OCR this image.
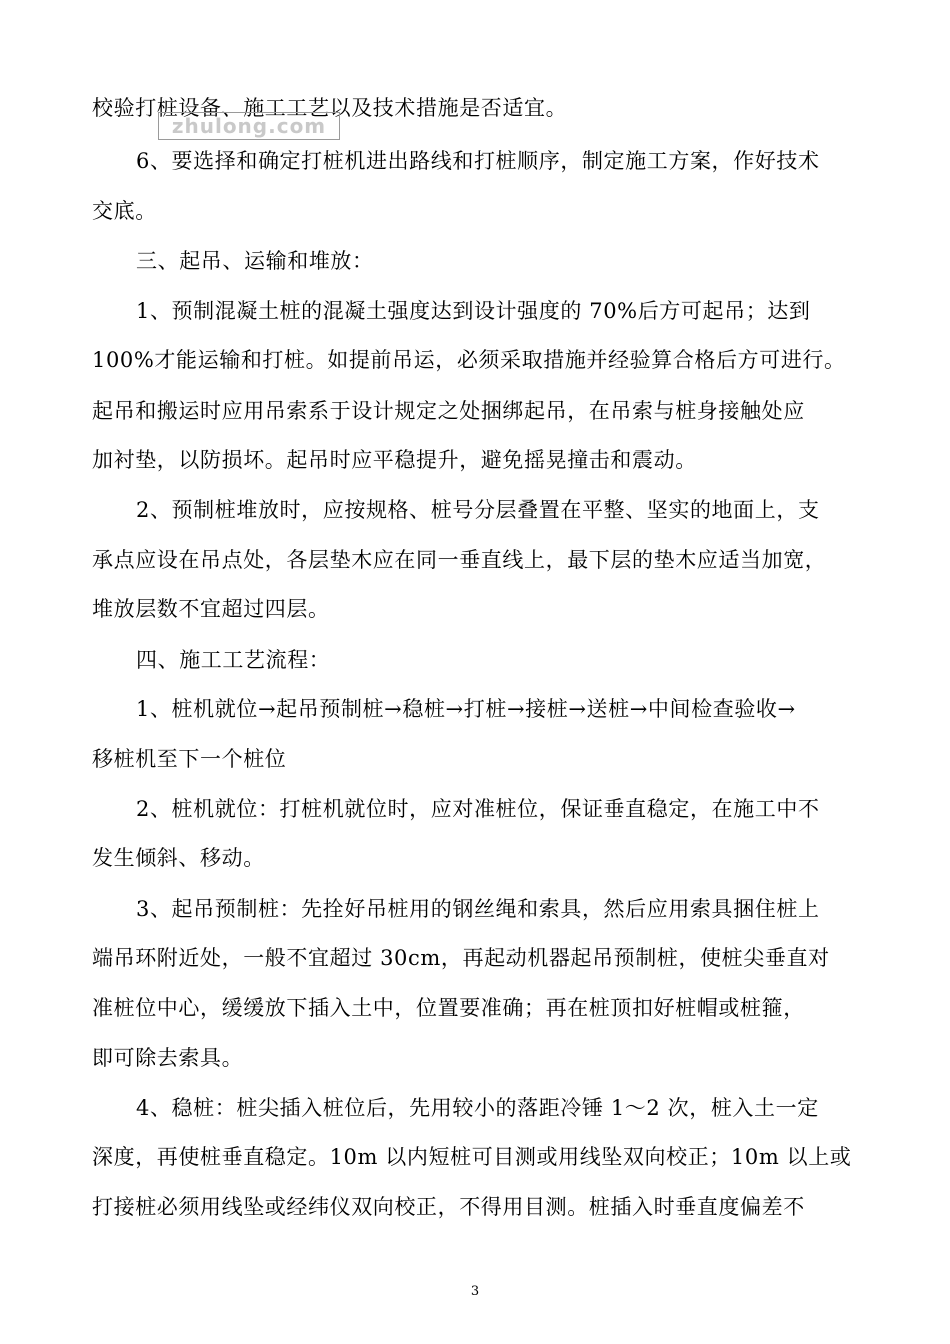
校验打桩设备、施工工艺以及技术措施是否适宜。
zhulong.com
6、要选择和确定打桩机进出路线和打桩顺序，制定施工方案，作好技术
交底。
三、起吊、运输和堆放：
1、预制混凝土桩的混凝土强度达到设计强度的 70%后方可起吊；达到
100%才能运输和打桩。如提前吊运，必须采取措施并经验算合格后方可进行。
起吊和搬运时应用吊索系于设计规定之处捆绑起吊，在吊索与桩身接触处应
加衬垫，以防损坏。起吊时应平稳提升，避免摇晃撞击和震动。
2、预制桩堆放时，应按规格、桩号分层叠置在平整、坚实的地面上，支
承点应设在吊点处，各层垫木应在同一垂直线上，最下层的垫木应适当加宽，
堆放层数不宜超过四层。
四、施工工艺流程：
1、桩机就位→起吊预制桩→稳桩→打桩→接桩→送桩→中间检查验收→
移桩机至下一个桩位
2、桩机就位：打桩机就位时，应对准桩位，保证垂直稳定，在施工中不
发生倾斜、移动。
3、起吊预制桩：先拴好吊桩用的钢丝绳和索具，然后应用索具捆住桩上
端吊环附近处，一般不宜超过 30cm，再起动机器起吊预制桩，使桩尖垂直对
准桩位中心，缓缓放下插入土中，位置要准确；再在桩顶扣好桩帽或桩箍，
即可除去索具。
4、稳桩：桩尖插入桩位后，先用较小的落距冷锤 1～2 次，桩入土一定
深度，再使桩垂直稳定。10m 以内短桩可目测或用线坠双向校正；10m 以上或
打接桩必须用线坠或经纬仪双向校正，不得用目测。桩插入时垂直度偏差不
3
